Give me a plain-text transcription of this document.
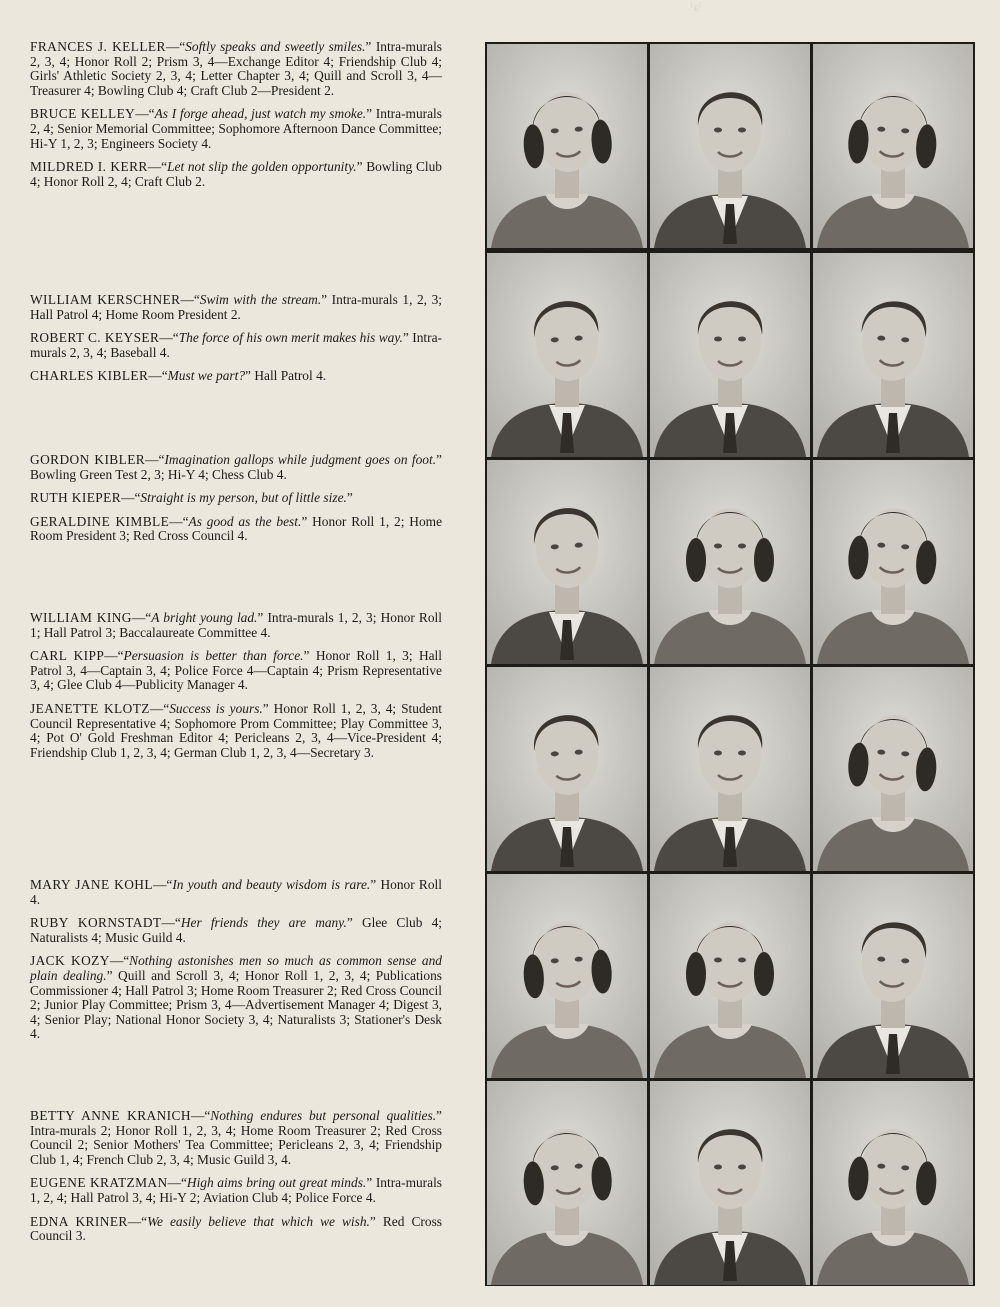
¹ᴇᴵ

FRANCES J. KELLER—“Softly speaks and sweetly smiles.” Intra-murals 2, 3, 4; Honor Roll 2; Prism 3, 4—Exchange Editor 4; Friendship Club 4; Girls' Athletic Society 2, 3, 4; Letter Chapter 3, 4; Quill and Scroll 3, 4—Treasurer 4; Bowling Club 4; Craft Club 2—President 2.

BRUCE KELLEY—“As I forge ahead, just watch my smoke.” Intra-murals 2, 4; Senior Memorial Committee; Sophomore Afternoon Dance Committee; Hi-Y 1, 2, 3; Engineers Society 4.

MILDRED I. KERR—“Let not slip the golden opportunity.” Bowling Club 4; Honor Roll 2, 4; Craft Club 2.

WILLIAM KERSCHNER—“Swim with the stream.” Intra-murals 1, 2, 3; Hall Patrol 4; Home Room President 2.

ROBERT C. KEYSER—“The force of his own merit makes his way.” Intra-murals 2, 3, 4; Baseball 4.

CHARLES KIBLER—“Must we part?” Hall Patrol 4.

GORDON KIBLER—“Imagination gallops while judgment goes on foot.” Bowling Green Test 2, 3; Hi-Y 4; Chess Club 4.

RUTH KIEPER—“Straight is my person, but of little size.”

GERALDINE KIMBLE—“As good as the best.” Honor Roll 1, 2; Home Room President 3; Red Cross Council 4.

WILLIAM KING—“A bright young lad.” Intra-murals 1, 2, 3; Honor Roll 1; Hall Patrol 3; Baccalaureate Committee 4.

CARL KIPP—“Persuasion is better than force.” Honor Roll 1, 3; Hall Patrol 3, 4—Captain 3, 4; Police Force 4—Captain 4; Prism Representative 3, 4; Glee Club 4—Publicity Manager 4.

JEANETTE KLOTZ—“Success is yours.” Honor Roll 1, 2, 3, 4; Student Council Representative 4; Sophomore Prom Committee; Play Committee 3, 4; Pot O' Gold Freshman Editor 4; Pericleans 2, 3, 4—Vice-President 4; Friendship Club 1, 2, 3, 4; German Club 1, 2, 3, 4—Secretary 3.

MARY JANE KOHL—“In youth and beauty wisdom is rare.” Honor Roll 4.

RUBY KORNSTADT—“Her friends they are many.” Glee Club 4; Naturalists 4; Music Guild 4.

JACK KOZY—“Nothing astonishes men so much as common sense and plain dealing.” Quill and Scroll 3, 4; Honor Roll 1, 2, 3, 4; Publications Commissioner 4; Hall Patrol 3; Home Room Treasurer 2; Red Cross Council 2; Junior Play Committee; Prism 3, 4—Advertisement Manager 4; Digest 3, 4; Senior Play; National Honor Society 3, 4; Naturalists 3; Stationer's Desk 4.

BETTY ANNE KRANICH—“Nothing endures but personal qualities.” Intra-murals 2; Honor Roll 1, 2, 3, 4; Home Room Treasurer 2; Red Cross Council 2; Senior Mothers' Tea Committee; Pericleans 2, 3, 4; Friendship Club 1, 4; French Club 2, 3, 4; Music Guild 3, 4.

EUGENE KRATZMAN—“High aims bring out great minds.” Intra-murals 1, 2, 4; Hall Patrol 3, 4; Hi-Y 2; Aviation Club 4; Police Force 4.

EDNA KRINER—“We easily believe that which we wish.” Red Cross Council 3.
